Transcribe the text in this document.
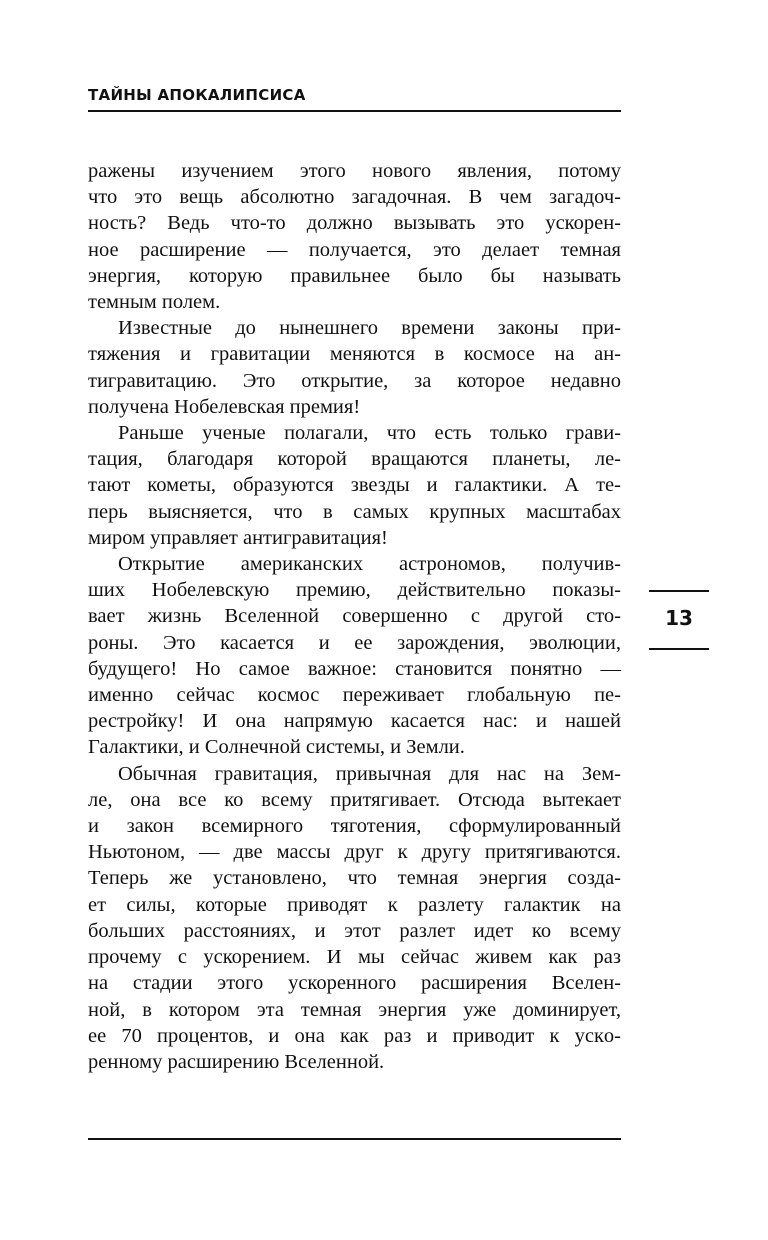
ТАЙНЫ АПОКАЛИПСИСА
ражены изучением этого нового явления, потому
что это вещь абсолютно загадочная. В чем загадоч-
ность? Ведь что-то должно вызывать это ускорен-
ное расширение — получается, это делает темная
энергия, которую правильнее было бы называть
темным полем.
Известные до нынешнего времени законы при-
тяжения и гравитации меняются в космосе на ан-
тигравитацию. Это открытие, за которое недавно
получена Нобелевская премия!
Раньше ученые полагали, что есть только грави-
тация, благодаря которой вращаются планеты, ле-
тают кометы, образуются звезды и галактики. А те-
перь выясняется, что в самых крупных масштабах
миром управляет антигравитация!
Открытие американских астрономов, получив-
ших Нобелевскую премию, действительно показы-
вает жизнь Вселенной совершенно с другой сто-
роны. Это касается и ее зарождения, эволюции,
будущего! Но самое важное: становится понятно —
именно сейчас космос переживает глобальную пе-
рестройку! И она напрямую касается нас: и нашей
Галактики, и Солнечной системы, и Земли.
Обычная гравитация, привычная для нас на Зем-
ле, она все ко всему притягивает. Отсюда вытекает
и закон всемирного тяготения, сформулированный
Ньютоном, — две массы друг к другу притягиваются.
Теперь же установлено, что темная энергия созда-
ет силы, которые приводят к разлету галактик на
больших расстояниях, и этот разлет идет ко всему
прочему с ускорением. И мы сейчас живем как раз
на стадии этого ускоренного расширения Вселен-
ной, в котором эта темная энергия уже доминирует,
ее 70 процентов, и она как раз и приводит к ускo-
ренному расширению Вселенной.
13
